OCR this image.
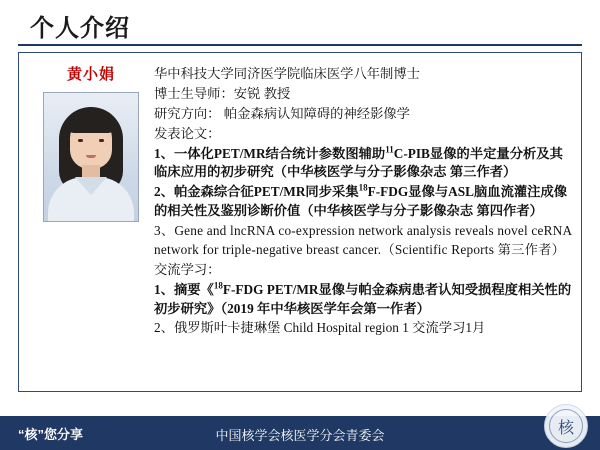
个人介绍
黄小娟	华中科技大学同济医学院临床医学八年制博士
博士生导师：安锐 教授
研究方向： 帕金森病认知障碍的神经影像学
发表论文：
1、一体化PET/MR结合统计参数图辅助$^{11}$C-PIB显像的半定量分析及其临床应用的初步研究（中华核医学与分子影像杂志 第三作者）
2、帕金森综合征PET/MR同步采集$^{18}$F-FDG显像与ASL脑血流灌注成像的相关性及鉴别诊断价值（中华核医学与分子影像杂志 第四作者）
3、Gene and lncRNA co-expression network analysis reveals novel ceRNA network for triple-negative breast cancer.（Scientific Reports 第三作者）
交流学习：
1、摘要《$^{18}$F-FDG PET/MR显像与帕金森病患者认知受损程度相关性的初步研究》（2019 年中华核医学年会第一作者）
2、俄罗斯叶卡捷琳堡 Child Hospital region 1 交流学习1月
“核”您分享	中国核学会核医学分会青委会	核
